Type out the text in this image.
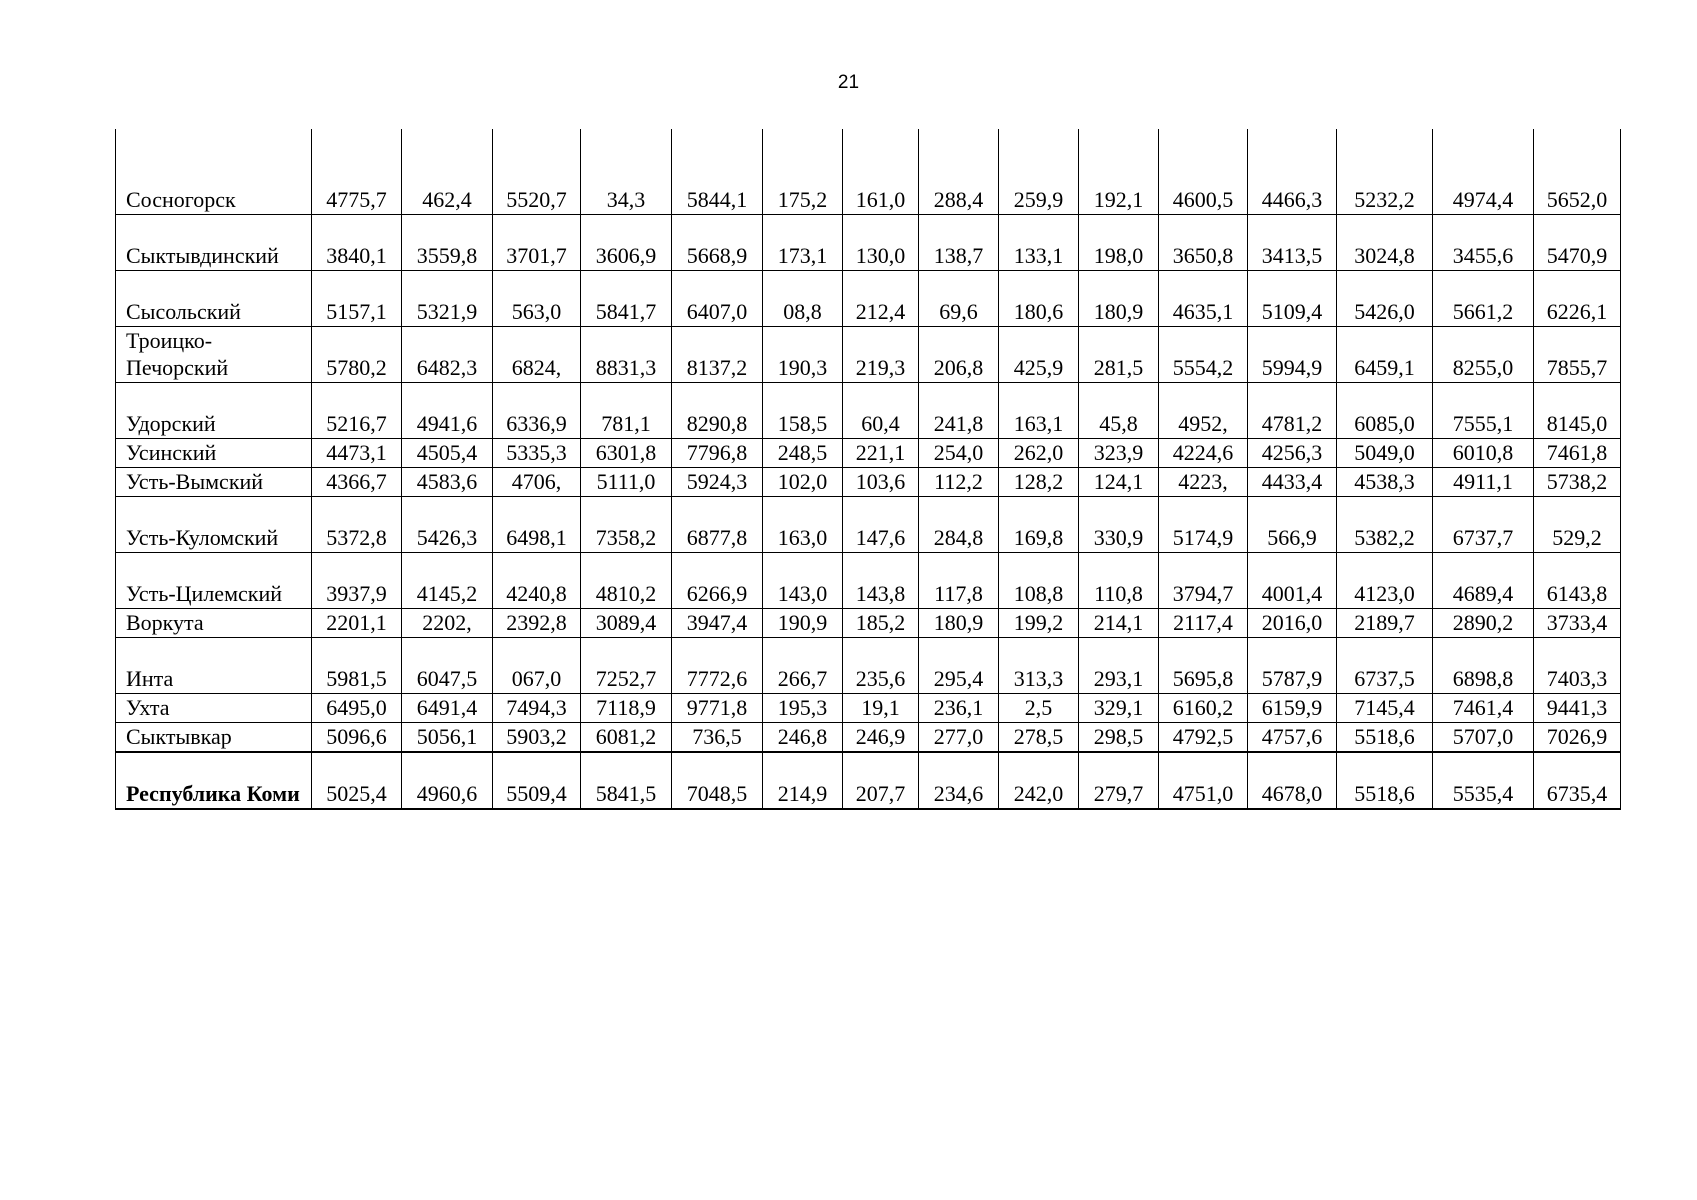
21
Сосногорск	4775,7	462,4	5520,7	34,3	5844,1	175,2	161,0	288,4	259,9	192,1	4600,5	4466,3	5232,2	4974,4	5652,0
Сыктывдинский	3840,1	3559,8	3701,7	3606,9	5668,9	173,1	130,0	138,7	133,1	198,0	3650,8	3413,5	3024,8	3455,6	5470,9
Сысольский	5157,1	5321,9	563,0	5841,7	6407,0	08,8	212,4	69,6	180,6	180,9	4635,1	5109,4	5426,0	5661,2	6226,1
Троицко-Печорский	5780,2	6482,3	6824,	8831,3	8137,2	190,3	219,3	206,8	425,9	281,5	5554,2	5994,9	6459,1	8255,0	7855,7
Удорский	5216,7	4941,6	6336,9	781,1	8290,8	158,5	60,4	241,8	163,1	45,8	4952,	4781,2	6085,0	7555,1	8145,0
Усинский	4473,1	4505,4	5335,3	6301,8	7796,8	248,5	221,1	254,0	262,0	323,9	4224,6	4256,3	5049,0	6010,8	7461,8
Усть-Вымский	4366,7	4583,6	4706,	5111,0	5924,3	102,0	103,6	112,2	128,2	124,1	4223,	4433,4	4538,3	4911,1	5738,2
Усть-Куломский	5372,8	5426,3	6498,1	7358,2	6877,8	163,0	147,6	284,8	169,8	330,9	5174,9	566,9	5382,2	6737,7	529,2
Усть-Цилемский	3937,9	4145,2	4240,8	4810,2	6266,9	143,0	143,8	117,8	108,8	110,8	3794,7	4001,4	4123,0	4689,4	6143,8
Воркута	2201,1	2202,	2392,8	3089,4	3947,4	190,9	185,2	180,9	199,2	214,1	2117,4	2016,0	2189,7	2890,2	3733,4
Инта	5981,5	6047,5	067,0	7252,7	7772,6	266,7	235,6	295,4	313,3	293,1	5695,8	5787,9	6737,5	6898,8	7403,3
Ухта	6495,0	6491,4	7494,3	7118,9	9771,8	195,3	19,1	236,1	2,5	329,1	6160,2	6159,9	7145,4	7461,4	9441,3
Сыктывкар	5096,6	5056,1	5903,2	6081,2	736,5	246,8	246,9	277,0	278,5	298,5	4792,5	4757,6	5518,6	5707,0	7026,9
Республика Коми	5025,4	4960,6	5509,4	5841,5	7048,5	214,9	207,7	234,6	242,0	279,7	4751,0	4678,0	5518,6	5535,4	6735,4
